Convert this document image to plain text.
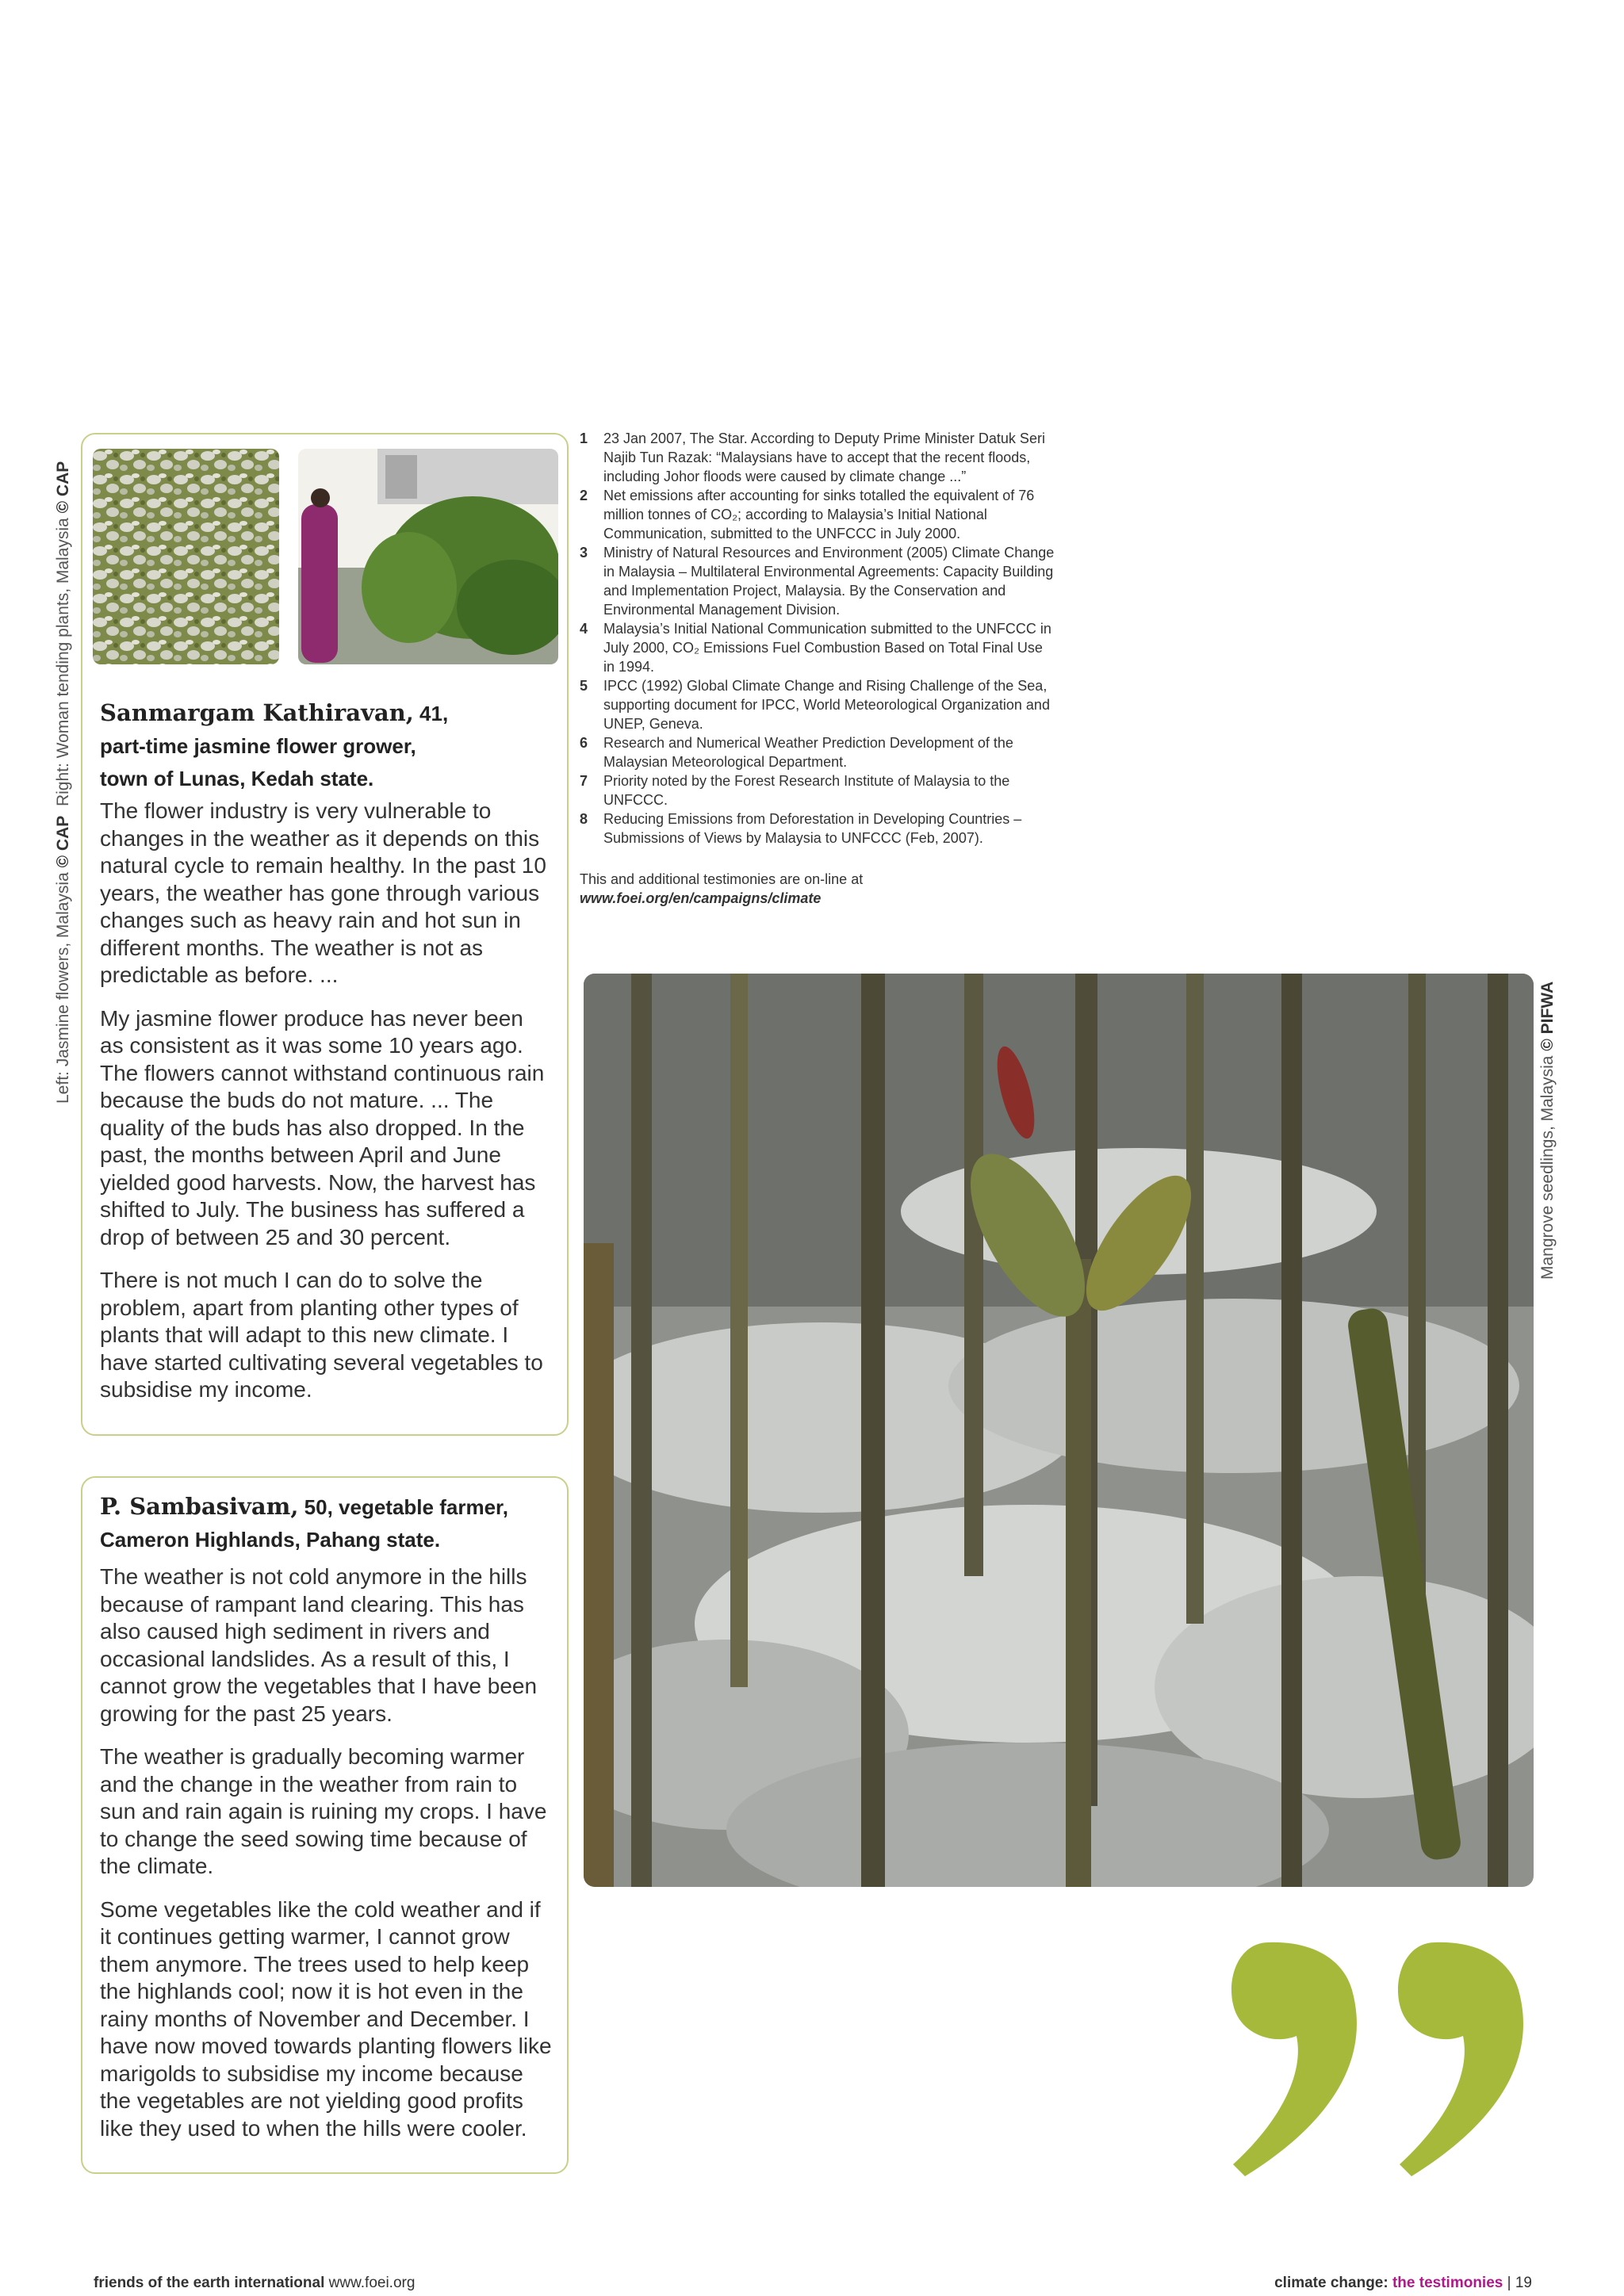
Left: Jasmine flowers, Malaysia © CAP  Right: Woman tending plants, Malaysia © CAP
Mangrove seedlings, Malaysia © PIFWA
Sanmargam Kathiravan, 41,
part-time jasmine flower grower,
town of Lunas, Kedah state.

The flower industry is very vulnerable to changes in the weather as it depends on this natural cycle to remain healthy. In the past 10 years, the weather has gone through various changes such as heavy rain and hot sun in different months. The weather is not as predictable as before. ...

My jasmine flower produce has never been as consistent as it was some 10 years ago. The flowers cannot withstand continuous rain because the buds do not mature. ... The quality of the buds has also dropped. In the past, the months between April and June yielded good harvests. Now, the harvest has shifted to July. The business has suffered a drop of between 25 and 30 percent.

There is not much I can do to solve the problem, apart from planting other types of plants that will adapt to this new climate. I have started cultivating several vegetables to subsidise my income.

P. Sambasivam, 50, vegetable farmer,
Cameron Highlands, Pahang state.

The weather is not cold anymore in the hills because of rampant land clearing. This has also caused high sediment in rivers and occasional landslides. As a result of this, I cannot grow the vegetables that I have been growing for the past 25 years.

The weather is gradually becoming warmer and the change in the weather from rain to sun and rain again is ruining my crops. I have to change the seed sowing time because of the climate.

Some vegetables like the cold weather and if it continues getting warmer, I cannot grow them anymore. The trees used to help keep the highlands cool; now it is hot even in the rainy months of November and December. I have now moved towards planting flowers like marigolds to subsidise my income because the vegetables are not yielding good profits like they used to when the hills were cooler.

1 23 Jan 2007, The Star. According to Deputy Prime Minister Datuk Seri Najib Tun Razak: “Malaysians have to accept that the recent floods, including Johor floods were caused by climate change ...”
2 Net emissions after accounting for sinks totalled the equivalent of 76 million tonnes of CO₂; according to Malaysia’s Initial National Communication, submitted to the UNFCCC in July 2000.
3 Ministry of Natural Resources and Environment (2005) Climate Change in Malaysia – Multilateral Environmental Agreements: Capacity Building and Implementation Project, Malaysia. By the Conservation and Environmental Management Division.
4 Malaysia’s Initial National Communication submitted to the UNFCCC in July 2000, CO₂ Emissions Fuel Combustion Based on Total Final Use in 1994.
5 IPCC (1992) Global Climate Change and Rising Challenge of the Sea, supporting document for IPCC, World Meteorological Organization and UNEP, Geneva.
6 Research and Numerical Weather Prediction Development of the Malaysian Meteorological Department.
7 Priority noted by the Forest Research Institute of Malaysia to the UNFCCC.
8 Reducing Emissions from Deforestation in Developing Countries – Submissions of Views by Malaysia to UNFCCC (Feb, 2007).
This and additional testimonies are on-line at
www.foei.org/en/campaigns/climate
friends of the earth international www.foei.org	climate change: the testimonies | 19
